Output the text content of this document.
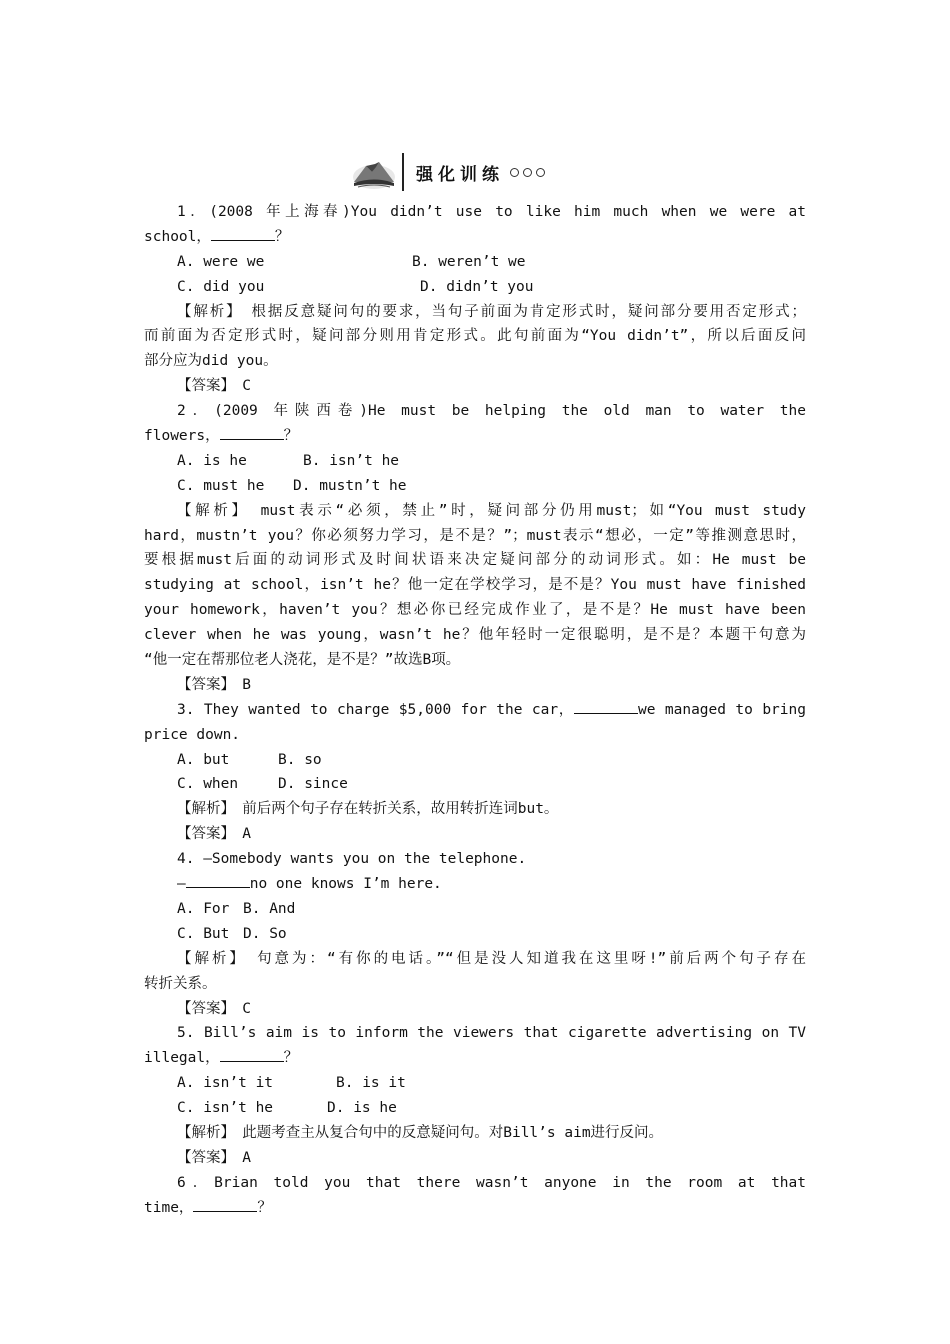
强化训练
1．(2008 年上海春)You didn’t use to like him much when we were at
school，	？
A. were we	B. weren’t we
C. did you	D. didn’t you
【解析】　根据反意疑问句的要求，当句子前面为肯定形式时，疑问部分要用否定形式；
而前面为否定形式时，疑问部分则用肯定形式。此句前面为“You didn’t”，所以后面反问
部分应为did you。
【答案】　C
2．(2009 年陕西卷)He must be helping the old man to water the
flowers，	？
A. is he	B. isn’t he
C. must he D. mustn’t he
【解析】　must表示“必须，禁止”时，疑问部分仍用must；如“You must study
hard，mustn’t you？你必须努力学习，是不是？”；must表示“想必，一定”等推测意思时，
要根据must后面的动词形式及时间状语来决定疑问部分的动词形式。如：He must be
studying at school，isn’t he？他一定在学校学习，是不是？You must have finished
your homework，haven’t you？想必你已经完成作业了，是不是？He must have been
clever when he was young，wasn’t he？他年轻时一定很聪明，是不是？本题干句意为
“他一定在帮那位老人浇花，是不是？”故选B项。
【答案】　B
3. They wanted to charge $5,000 for the car，	we managed to bring
price down.
A. but	B. so
C. when	D. since
【解析】　前后两个句子存在转折关系，故用转折连词but。
【答案】　A
4. —Somebody wants you on the telephone.
—	no one knows I’m here.
A. For B. And
C. But D. So
【解析】　句意为：“有你的电话。”“但是没人知道我在这里呀!”前后两个句子存在
转折关系。
【答案】　C
5. Bill’s aim is to inform the viewers that cigarette advertising on TV
illegal，	？
A. isn’t it	B. is it
C. isn’t he	D. is he
【解析】　此题考查主从复合句中的反意疑问句。对Bill’s aim进行反问。
【答案】　A
6．Brian told you that there wasn’t anyone in the room at that
time，	？
